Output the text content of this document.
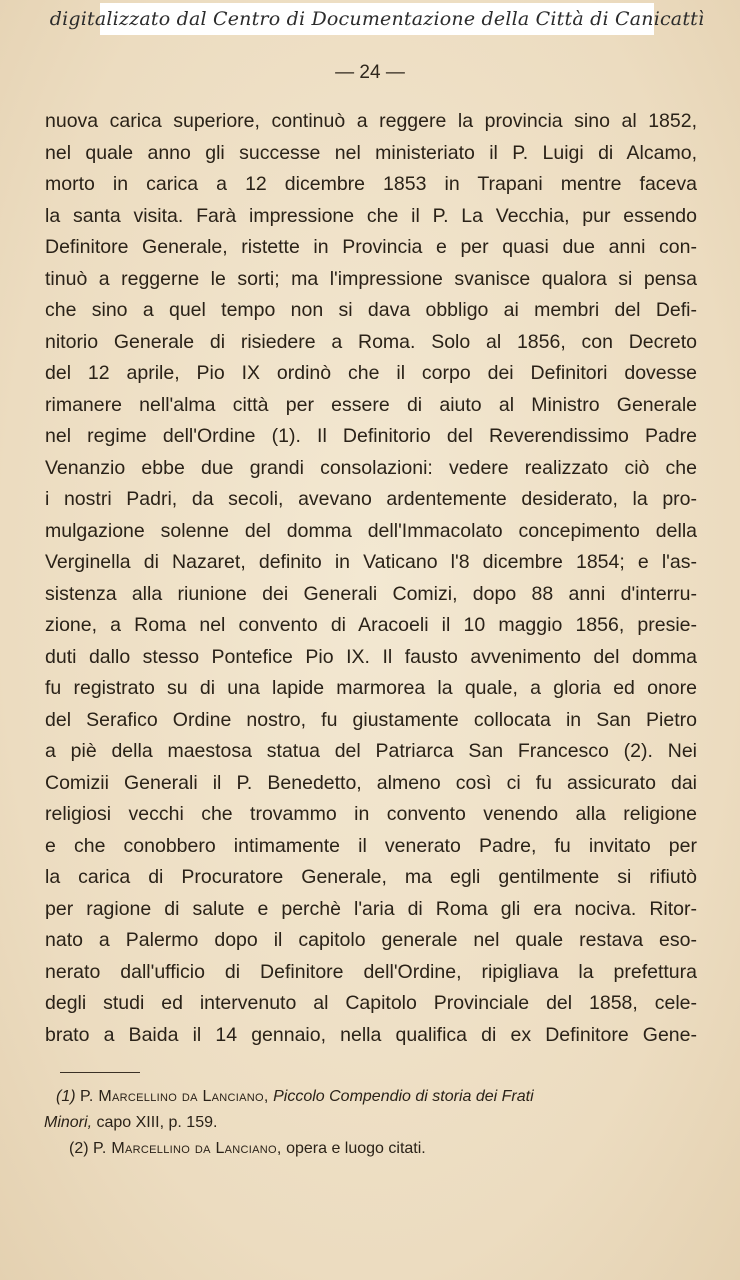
digitalizzato dal Centro di Documentazione della Città di Canicattì
— 24 —
nuova carica superiore, continuò a reggere la provincia sino al 1852,
nel quale anno gli successe nel ministeriato il P. Luigi di Alcamo,
morto in carica a 12 dicembre 1853 in Trapani mentre faceva
la santa visita. Farà impressione che il P. La Vecchia, pur essendo
Definitore Generale, ristette in Provincia e per quasi due anni con-
tinuò a reggerne le sorti; ma l'impressione svanisce qualora si pensa
che sino a quel tempo non si dava obbligo ai membri del Defi-
nitorio Generale di risiedere a Roma. Solo al 1856, con Decreto
del 12 aprile, Pio IX ordinò che il corpo dei Definitori dovesse
rimanere nell'alma città per essere di aiuto al Ministro Generale
nel regime dell'Ordine (1). Il Definitorio del Reverendissimo Padre
Venanzio ebbe due grandi consolazioni: vedere realizzato ciò che
i nostri Padri, da secoli, avevano ardentemente desiderato, la pro-
mulgazione solenne del domma dell'Immacolato concepimento della
Verginella di Nazaret, definito in Vaticano l'8 dicembre 1854; e l'as-
sistenza alla riunione dei Generali Comizi, dopo 88 anni d'interru-
zione, a Roma nel convento di Aracoeli il 10 maggio 1856, presie-
duti dallo stesso Pontefice Pio IX. Il fausto avvenimento del domma
fu registrato su di una lapide marmorea la quale, a gloria ed onore
del Serafico Ordine nostro, fu giustamente collocata in San Pietro
a piè della maestosa statua del Patriarca San Francesco (2). Nei
Comizii Generali il P. Benedetto, almeno così ci fu assicurato dai
religiosi vecchi che trovammo in convento venendo alla religione
e che conobbero intimamente il venerato Padre, fu invitato per
la carica di Procuratore Generale, ma egli gentilmente si rifiutò
per ragione di salute e perchè l'aria di Roma gli era nociva. Ritor-
nato a Palermo dopo il capitolo generale nel quale restava eso-
nerato dall'ufficio di Definitore dell'Ordine, ripigliava la prefettura
degli studi ed intervenuto al Capitolo Provinciale del 1858, cele-
brato a Baida il 14 gennaio, nella qualifica di ex Definitore Gene-
(1) P. Marcellino da Lanciano, Piccolo Compendio di storia dei Frati
Minori, capo XIII, p. 159.
(2) P. Marcellino da Lanciano, opera e luogo citati.
